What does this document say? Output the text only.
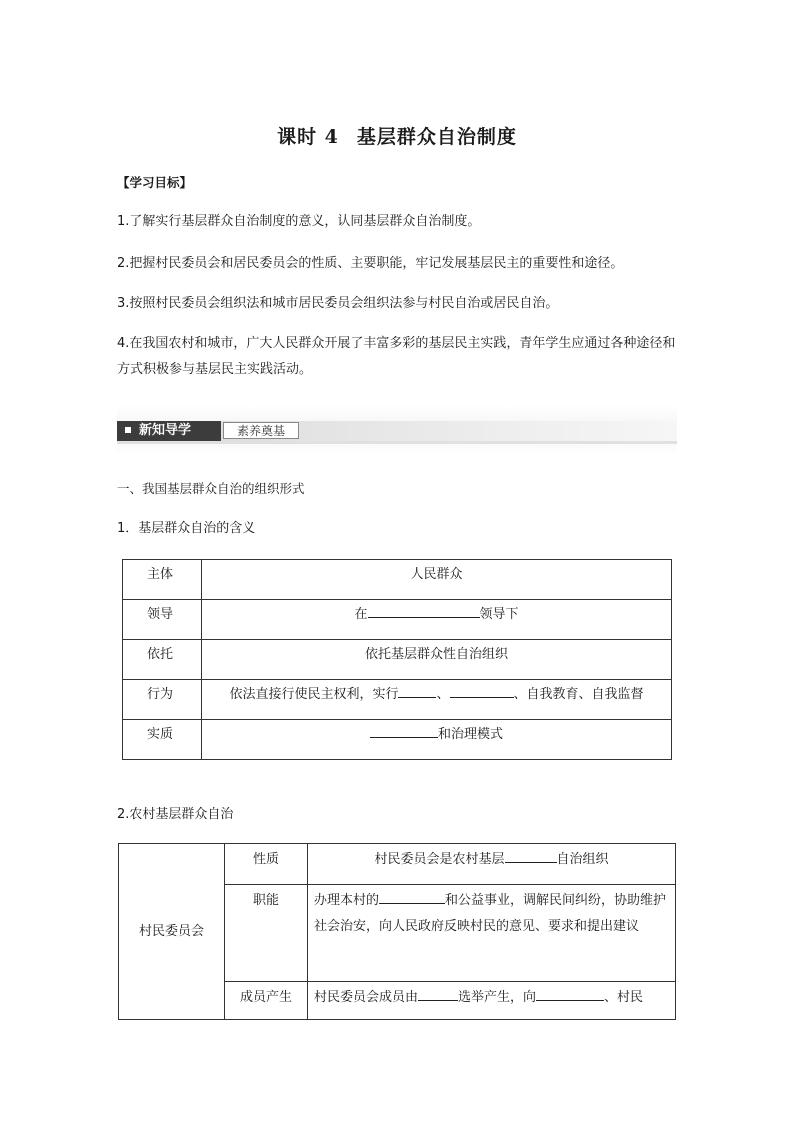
课时 4 基层群众自治制度
【学习目标】
1.了解实行基层群众自治制度的意义，认同基层群众自治制度。
2.把握村民委员会和居民委员会的性质、主要职能，牢记发展基层民主的重要性和途径。
3.按照村民委员会组织法和城市居民委员会组织法参与村民自治或居民自治。
4.在我国农村和城市，广大人民群众开展了丰富多彩的基层民主实践，青年学生应通过各种途径和方式积极参与基层民主实践活动。
新知导学	素养奠基
一、我国基层群众自治的组织形式
1．基层群众自治的含义
主体	人民群众
领导	在 领导下
依托	依托基层群众性自治组织
行为	依法直接行使民主权利，实行 、 、自我教育、自我监督
实质	和治理模式
2.农村基层群众自治
村民委员会	性质	村民委员会是农村基层 自治组织
	职能	办理本村的 和公益事业，调解民间纠纷，协助维护社会治安，向人民政府反映村民的意见、要求和提出建议
	成员产生	村民委员会成员由 选举产生，向 、村民
